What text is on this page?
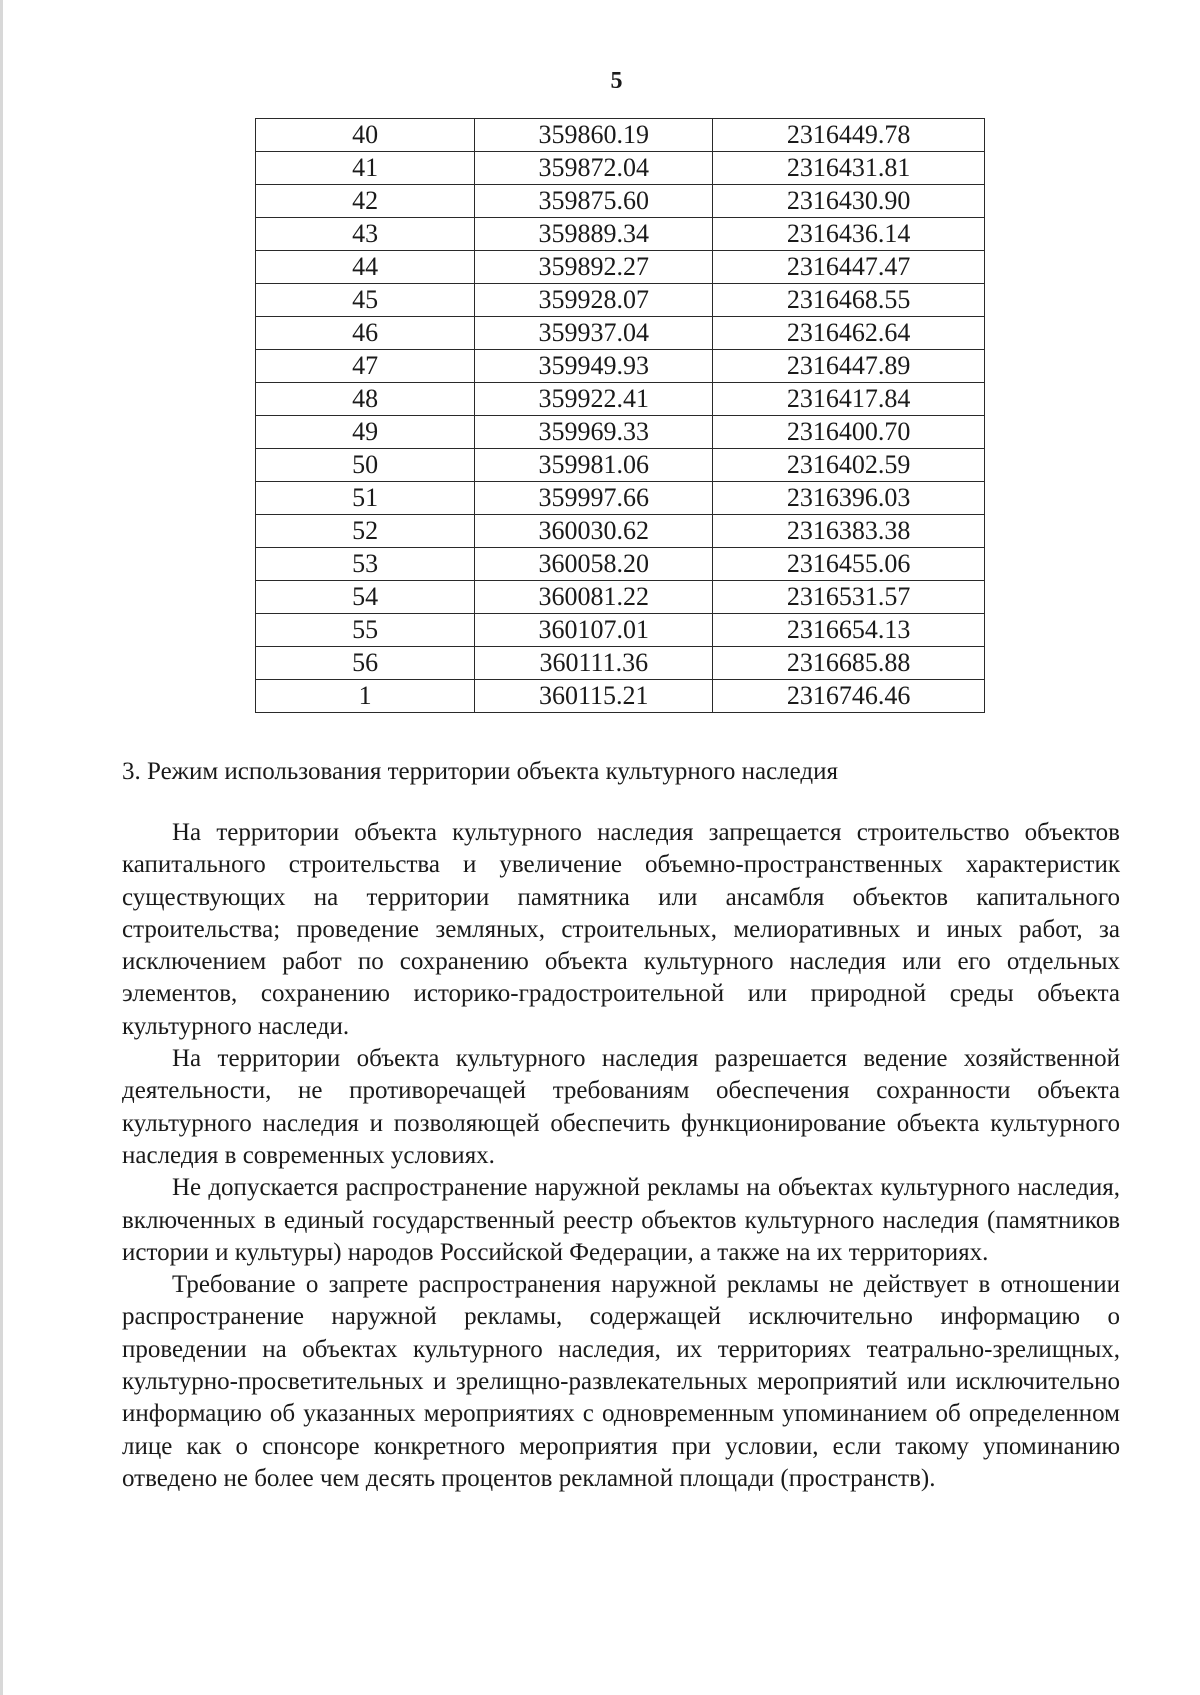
5
40	359860.19	2316449.78
41	359872.04	2316431.81
42	359875.60	2316430.90
43	359889.34	2316436.14
44	359892.27	2316447.47
45	359928.07	2316468.55
46	359937.04	2316462.64
47	359949.93	2316447.89
48	359922.41	2316417.84
49	359969.33	2316400.70
50	359981.06	2316402.59
51	359997.66	2316396.03
52	360030.62	2316383.38
53	360058.20	2316455.06
54	360081.22	2316531.57
55	360107.01	2316654.13
56	360111.36	2316685.88
1	360115.21	2316746.46
3. Режим использования территории объекта культурного наследия

На территории объекта культурного наследия запрещается строительство объектов капитального строительства и увеличение объемно-пространственных характеристик существующих на территории памятника или ансамбля объектов капитального строительства; проведение земляных, строительных, мелиоративных и иных работ, за исключением работ по сохранению объекта культурного наследия или его отдельных элементов, сохранению историко-градостроительной или природной среды объекта культурного наследи.

На территории объекта культурного наследия разрешается ведение хозяйственной деятельности, не противоречащей требованиям обеспечения сохранности объекта культурного наследия и позволяющей обеспечить функционирование объекта культурного наследия в современных условиях.

Не допускается распространение наружной рекламы на объектах культурного наследия, включенных в единый государственный реестр объектов культурного наследия (памятников истории и культуры) народов Российской Федерации, а также на их территориях.

Требование о запрете распространения наружной рекламы не действует в отношении распространение наружной рекламы, содержащей исключительно информацию о проведении на объектах культурного наследия, их территориях театрально-зрелищных, культурно-просветительных и зрелищно-развлекательных мероприятий или исключительно информацию об указанных мероприятиях с одновременным упоминанием об определенном лице как о спонсоре конкретного мероприятия при условии, если такому упоминанию отведено не более чем десять процентов рекламной площади (пространств).
